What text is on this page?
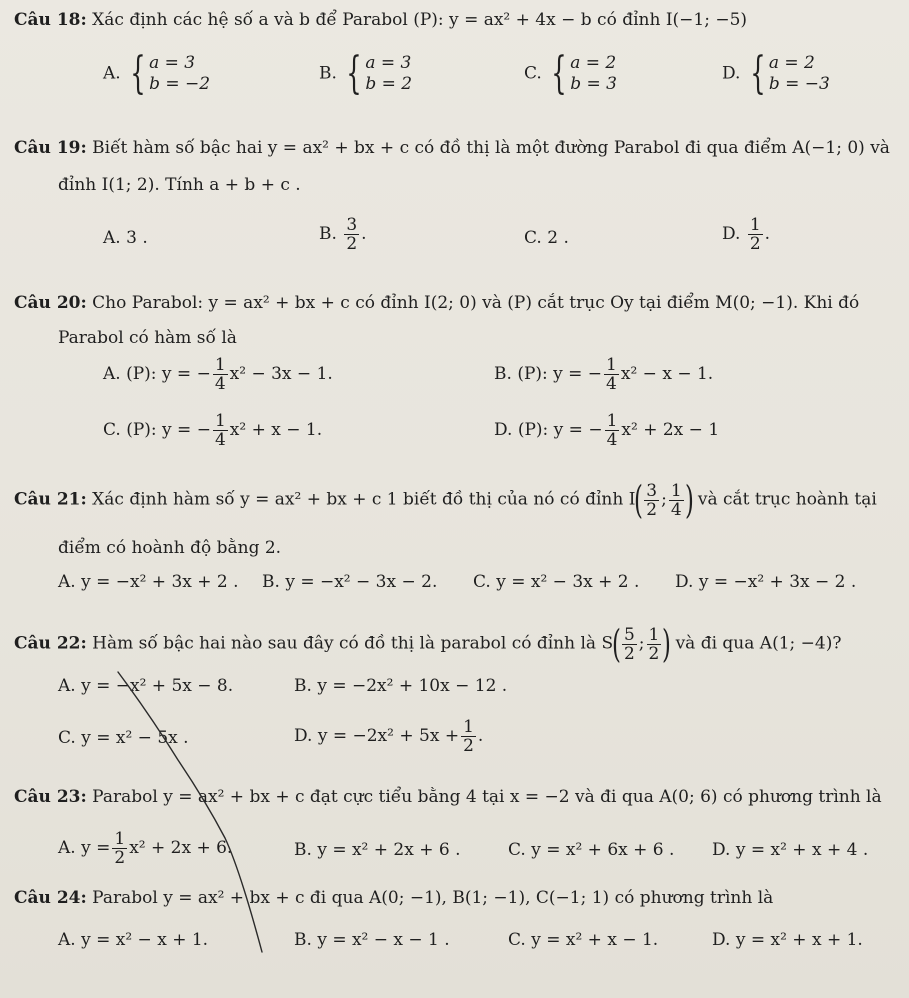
Câu 18: Xác định các hệ số a và b để Parabol (P): y = ax² + 4x − b có đỉnh I(−1; −5)
A. { a = 3
b = −2
B. { a = 3
b = 2
C. { a = 2
b = 3
D. { a = 2
b = −3
Câu 19: Biết hàm số bậc hai y = ax² + bx + c có đồ thị là một đường Parabol đi qua điểm A(−1; 0) và
đỉnh I(1; 2). Tính a + b + c .
A. 3 .	B. $\frac{3}{2}$ .	C. 2 .	D. $\frac{1}{2}$ .
Câu 20: Cho Parabol: y = ax² + bx + c có đỉnh I(2; 0) và (P) cắt trục Oy tại điểm M(0; −1). Khi đó
Parabol có hàm số là
A. (P): y = − $\frac{1}{4} x^2 - 3x - 1$.	B. (P): y = − $\frac{1}{4} x^2 - x - 1$.
C. (P): y = − $\frac{1}{4} x^2 + x - 1$.	D. (P): y = − $\frac{1}{4} x^2 + 2x - 1$
Câu 21: Xác định hàm số y = ax² + bx + c 1 biết đồ thị của nó có đỉnh $I( \frac{3}{2}$ ; $\frac{1}{4}$ ) và cắt trục hoành tại
điểm có hoành độ bằng 2.
A. y = −x² + 3x + 2 . B. y = −x² − 3x − 2. C. y = x² − 3x + 2 . D. y = −x² + 3x − 2 .
Câu 22: Hàm số bậc hai nào sau đây có đồ thị là parabol có đỉnh là $S( \frac{5}{2}$ ; $\frac{1}{2}$ ) và đi qua A(1; −4)?
A. y = −x² + 5x − 8.	B. y = −2x² + 10x − 12 .
C. y = x² − 5x .	D. $y = -2x^2 + 5x + \frac{1}{2}$ .
Câu 23: Parabol y = ax² + bx + c đạt cực tiểu bằng 4 tại x = −2 và đi qua A(0; 6) có phương trình là
A. $y = \frac{1}{2} x^2 + 2x + 6$.	B. y = x² + 2x + 6 .	C. y = x² + 6x + 6 . D. y = x² + x + 4 .
Câu 24: Parabol y = ax² + bx + c đi qua A(0; −1), B(1; −1), C(−1; 1) có phương trình là
A. y = x² − x + 1.	B. y = x² − x − 1 .	C. y = x² + x − 1.	D. y = x² + x + 1.
